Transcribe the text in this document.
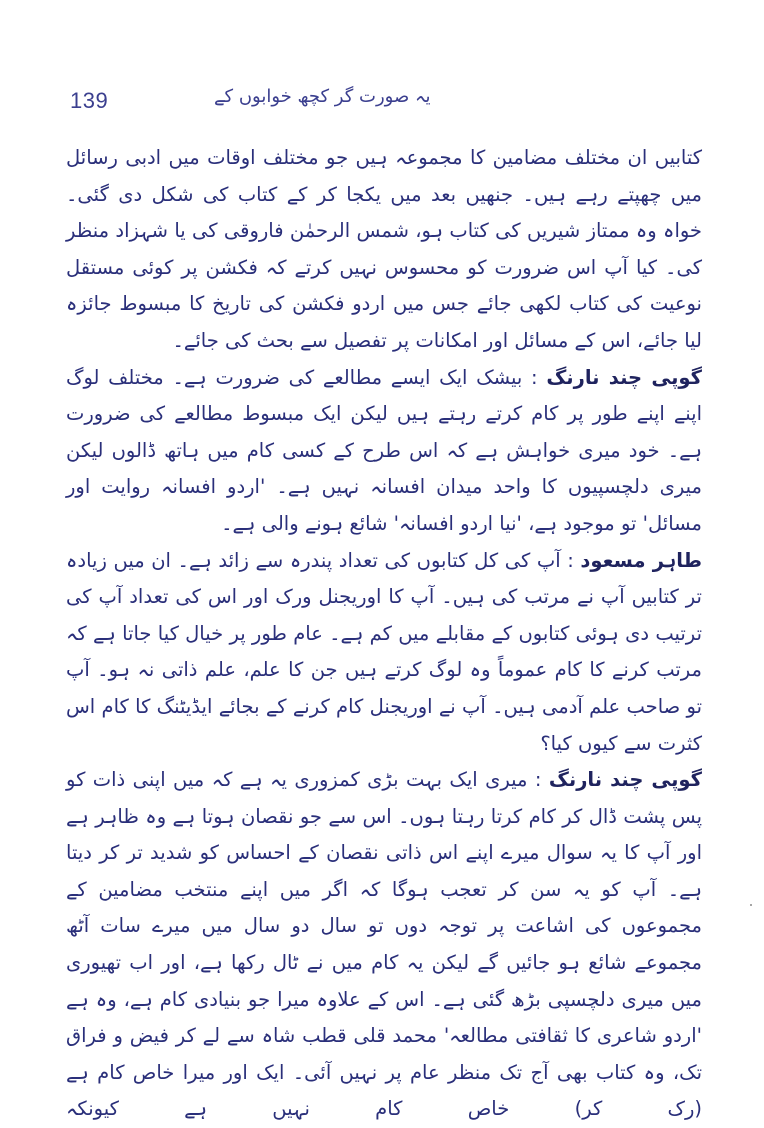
139	یہ صورت گر کچھ خوابوں کے

کتابیں ان مختلف مضامین کا مجموعہ ہیں جو مختلف اوقات میں ادبی رسائل میں چھپتے رہے ہیں۔ جنھیں بعد میں یکجا کر کے کتاب کی شکل دی گئی۔ خواہ وہ ممتاز شیریں کی کتاب ہو، شمس الرحمٰن فاروقی کی یا شہزاد منظر کی۔ کیا آپ اس ضرورت کو محسوس نہیں کرتے کہ فکشن پر کوئی مستقل نوعیت کی کتاب لکھی جائے جس میں اردو فکشن کی تاریخ کا مبسوط جائزہ لیا جائے، اس کے مسائل اور امکانات پر تفصیل سے بحث کی جائے۔

گوپی چند نارنگ : بیشک ایک ایسے مطالعے کی ضرورت ہے۔ مختلف لوگ اپنے اپنے طور پر کام کرتے رہتے ہیں لیکن ایک مبسوط مطالعے کی ضرورت ہے۔ خود میری خواہش ہے کہ اس طرح کے کسی کام میں ہاتھ ڈالوں لیکن میری دلچسپیوں کا واحد میدان افسانہ نہیں ہے۔ 'اردو افسانہ روایت اور مسائل' تو موجود ہے، 'نیا اردو افسانہ' شائع ہونے والی ہے۔

طاہر مسعود : آپ کی کل کتابوں کی تعداد پندرہ سے زائد ہے۔ ان میں زیادہ تر کتابیں آپ نے مرتب کی ہیں۔ آپ کا اوریجنل ورک اور اس کی تعداد آپ کی ترتیب دی ہوئی کتابوں کے مقابلے میں کم ہے۔ عام طور پر خیال کیا جاتا ہے کہ مرتب کرنے کا کام عموماً وہ لوگ کرتے ہیں جن کا علم، علم ذاتی نہ ہو۔ آپ تو صاحب علم آدمی ہیں۔ آپ نے اوریجنل کام کرنے کے بجائے ایڈیٹنگ کا کام اس کثرت سے کیوں کیا؟

گوپی چند نارنگ : میری ایک بہت بڑی کمزوری یہ ہے کہ میں اپنی ذات کو پس پشت ڈال کر کام کرتا رہتا ہوں۔ اس سے جو نقصان ہوتا ہے وہ ظاہر ہے اور آپ کا یہ سوال میرے اپنے اس ذاتی نقصان کے احساس کو شدید تر کر دیتا ہے۔ آپ کو یہ سن کر تعجب ہوگا کہ اگر میں اپنے منتخب مضامین کے مجموعوں کی اشاعت پر توجہ دوں تو سال دو سال میں میرے سات آٹھ مجموعے شائع ہو جائیں گے لیکن یہ کام میں نے ٹال رکھا ہے، اور اب تھیوری میں میری دلچسپی بڑھ گئی ہے۔ اس کے علاوہ میرا جو بنیادی کام ہے، وہ ہے 'اردو شاعری کا ثقافتی مطالعہ' محمد قلی قطب شاہ سے لے کر فیض و فراق تک، وہ کتاب بھی آج تک منظر عام پر نہیں آئی۔ ایک اور میرا خاص کام ہے (رک کر) خاص کام نہیں ہے کیونکہ
